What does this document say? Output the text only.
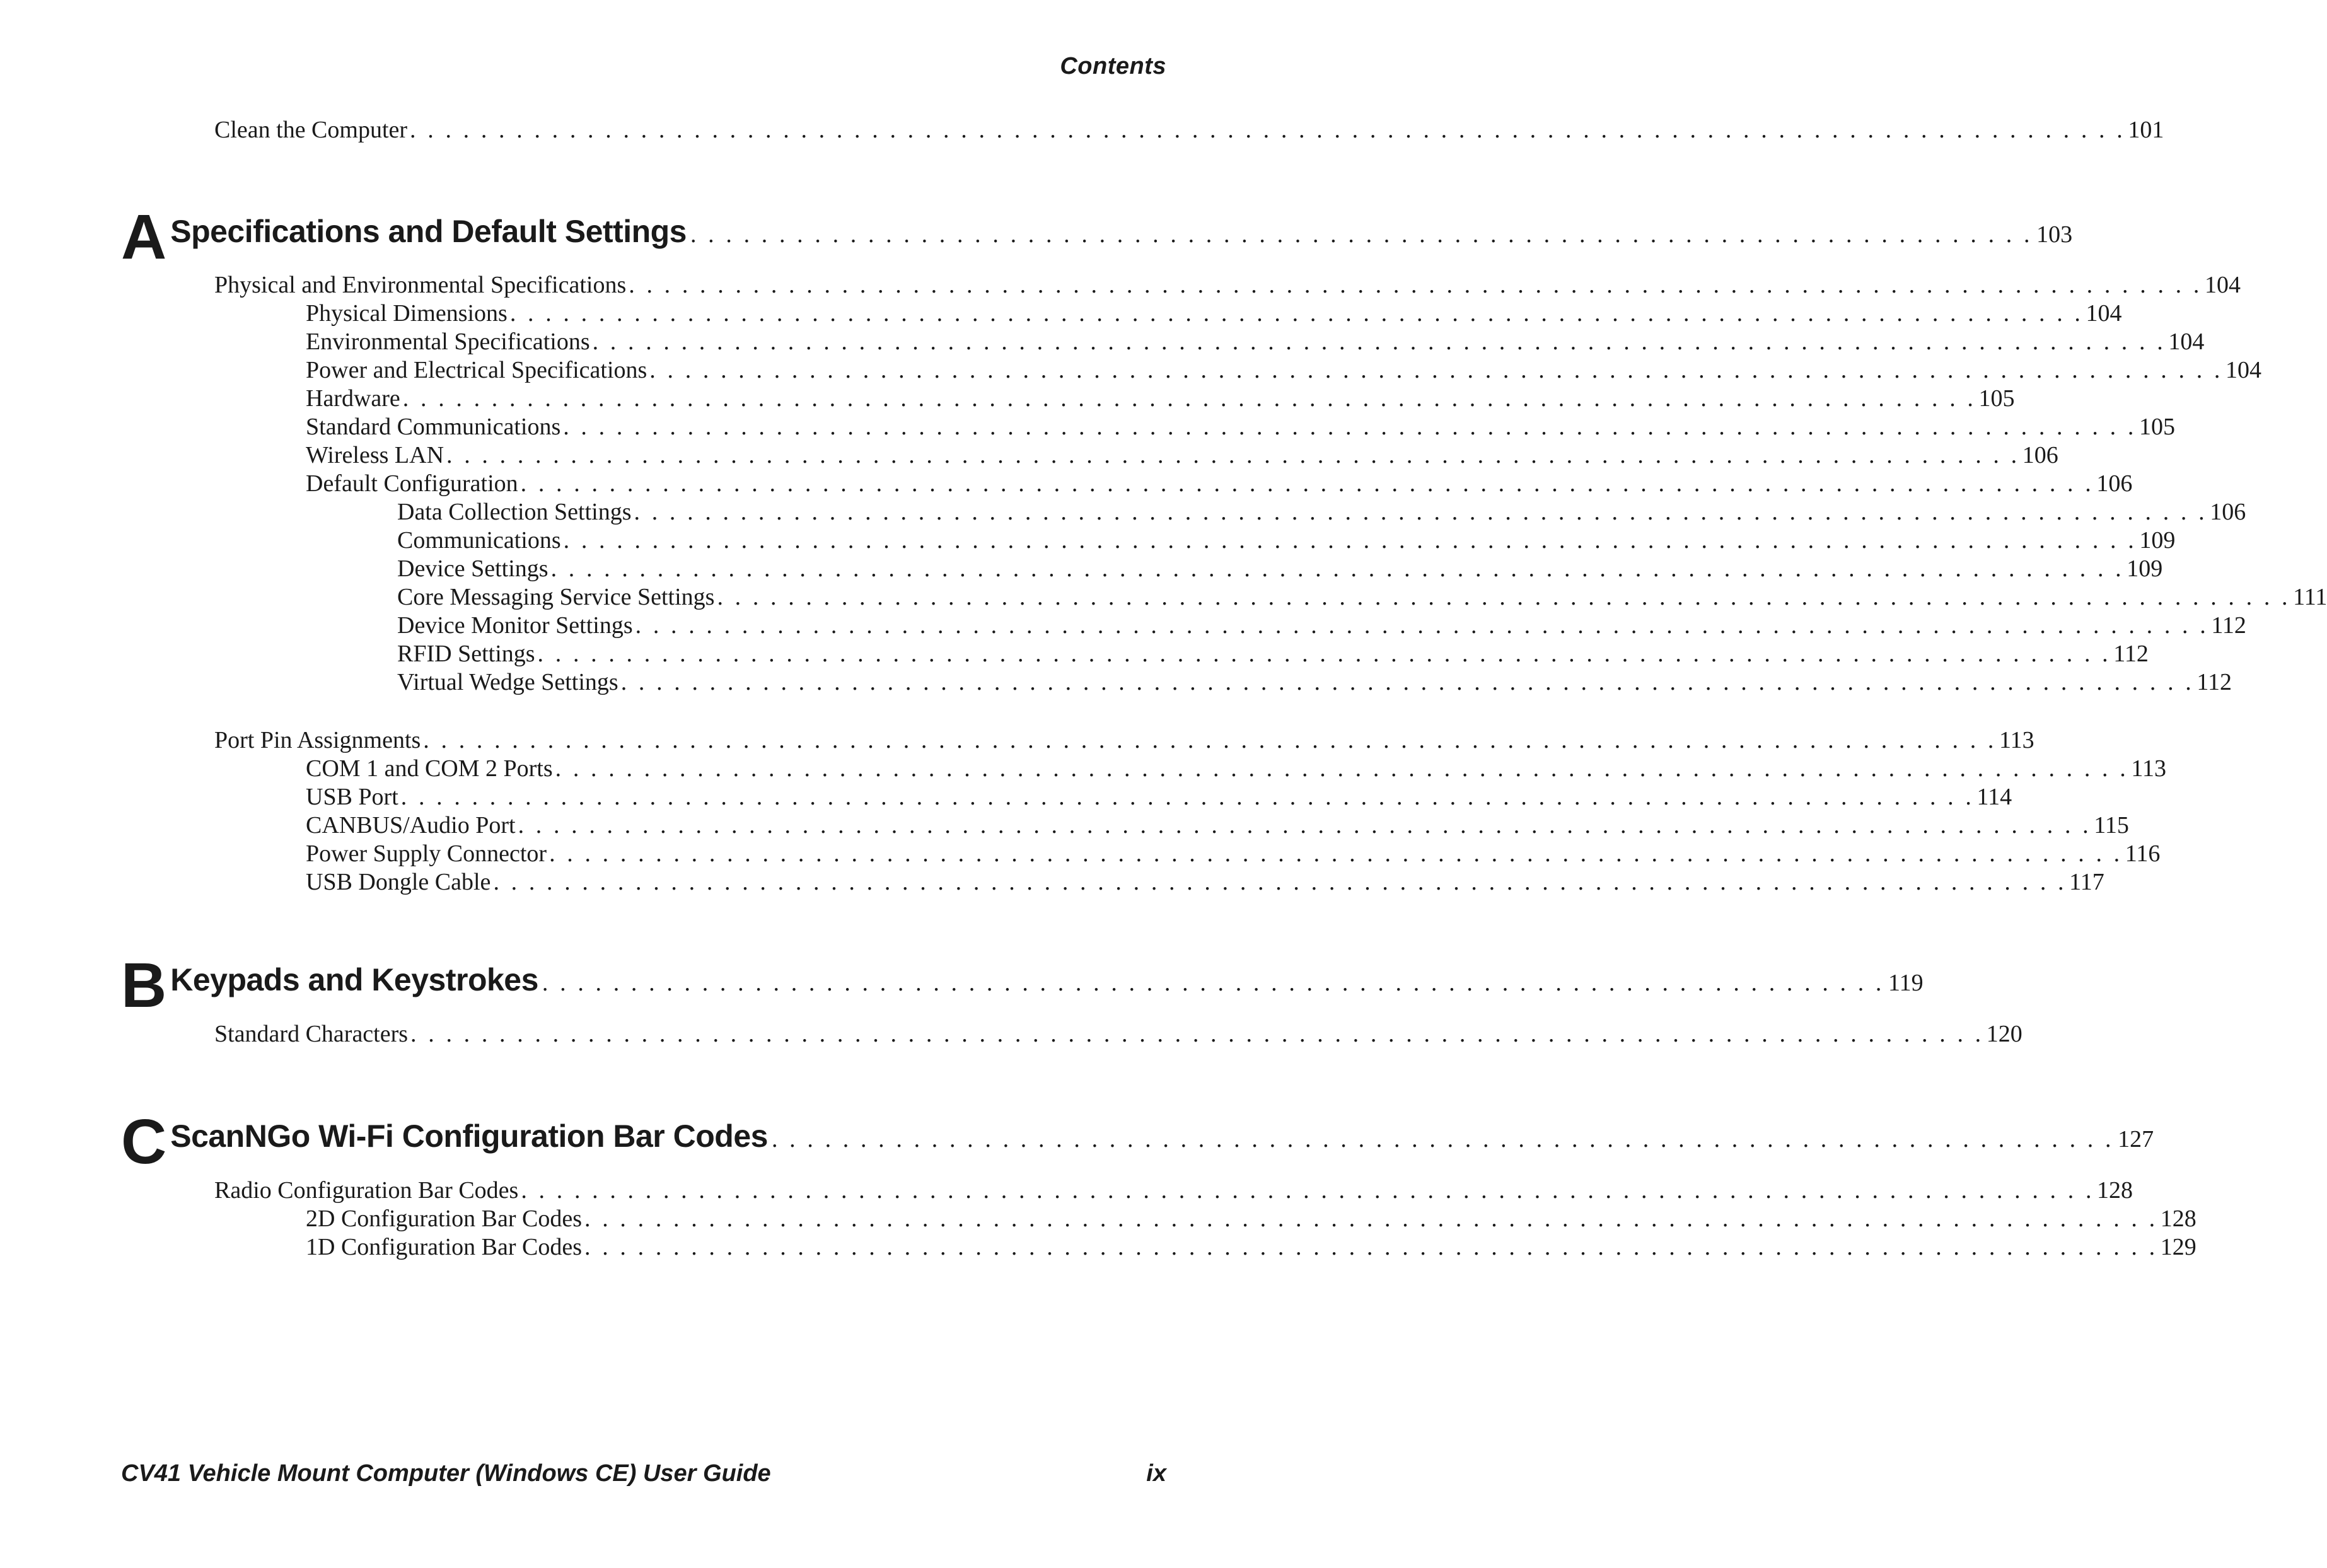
Contents
Clean the Computer . . . . . . . . . . . . . . . . . . . . . . . . . . . . . . . . . . . . . . . . . . . . . . . . . . . . . . . . . . . . . . . . . . . . . . . . . . . . . . . . . . . . . . . . . . . . . . . . . 101
A Specifications and Default Settings . . . . . . . . . . . . . . . . . . . . . . . . . . . . . . . . . . . . . . . . . . . . . . . . . . . . . . . . . . . . . . . . . . . . . . . . . . . . 103
Physical and Environmental Specifications . . . . . . . . . . . . . . . . . . . . . . . . . . . . . . . . . . . . . . . . . . . . . . . . . . . . . . . . . . . . . . . . . . . . . . . . . . . . . . . . . . . . . . . . . 104
Physical Dimensions . . . . . . . . . . . . . . . . . . . . . . . . . . . . . . . . . . . . . . . . . . . . . . . . . . . . . . . . . . . . . . . . . . . . . . . . . . . . . . . . . . . . . . . . . 104
Environmental Specifications . . . . . . . . . . . . . . . . . . . . . . . . . . . . . . . . . . . . . . . . . . . . . . . . . . . . . . . . . . . . . . . . . . . . . . . . . . . . . . . . . . . . . . . . . 104
Power and Electrical Specifications . . . . . . . . . . . . . . . . . . . . . . . . . . . . . . . . . . . . . . . . . . . . . . . . . . . . . . . . . . . . . . . . . . . . . . . . . . . . . . . . . . . . . . . . . 104
Hardware . . . . . . . . . . . . . . . . . . . . . . . . . . . . . . . . . . . . . . . . . . . . . . . . . . . . . . . . . . . . . . . . . . . . . . . . . . . . . . . . . . . . . . . . . 105
Standard Communications . . . . . . . . . . . . . . . . . . . . . . . . . . . . . . . . . . . . . . . . . . . . . . . . . . . . . . . . . . . . . . . . . . . . . . . . . . . . . . . . . . . . . . . . . 105
Wireless LAN . . . . . . . . . . . . . . . . . . . . . . . . . . . . . . . . . . . . . . . . . . . . . . . . . . . . . . . . . . . . . . . . . . . . . . . . . . . . . . . . . . . . . . . . . 106
Default Configuration . . . . . . . . . . . . . . . . . . . . . . . . . . . . . . . . . . . . . . . . . . . . . . . . . . . . . . . . . . . . . . . . . . . . . . . . . . . . . . . . . . . . . . . . . 106
Data Collection Settings . . . . . . . . . . . . . . . . . . . . . . . . . . . . . . . . . . . . . . . . . . . . . . . . . . . . . . . . . . . . . . . . . . . . . . . . . . . . . . . . . . . . . . . . . 106
Communications . . . . . . . . . . . . . . . . . . . . . . . . . . . . . . . . . . . . . . . . . . . . . . . . . . . . . . . . . . . . . . . . . . . . . . . . . . . . . . . . . . . . . . . . . 109
Device Settings . . . . . . . . . . . . . . . . . . . . . . . . . . . . . . . . . . . . . . . . . . . . . . . . . . . . . . . . . . . . . . . . . . . . . . . . . . . . . . . . . . . . . . . . . 109
Core Messaging Service Settings . . . . . . . . . . . . . . . . . . . . . . . . . . . . . . . . . . . . . . . . . . . . . . . . . . . . . . . . . . . . . . . . . . . . . . . . . . . . . . . . . . . . . . . . . 111
Device Monitor Settings . . . . . . . . . . . . . . . . . . . . . . . . . . . . . . . . . . . . . . . . . . . . . . . . . . . . . . . . . . . . . . . . . . . . . . . . . . . . . . . . . . . . . . . . . 112
RFID Settings . . . . . . . . . . . . . . . . . . . . . . . . . . . . . . . . . . . . . . . . . . . . . . . . . . . . . . . . . . . . . . . . . . . . . . . . . . . . . . . . . . . . . . . . . 112
Virtual Wedge Settings . . . . . . . . . . . . . . . . . . . . . . . . . . . . . . . . . . . . . . . . . . . . . . . . . . . . . . . . . . . . . . . . . . . . . . . . . . . . . . . . . . . . . . . . . 112
Port Pin Assignments . . . . . . . . . . . . . . . . . . . . . . . . . . . . . . . . . . . . . . . . . . . . . . . . . . . . . . . . . . . . . . . . . . . . . . . . . . . . . . . . . . . . . . . . . 113
COM 1 and COM 2 Ports . . . . . . . . . . . . . . . . . . . . . . . . . . . . . . . . . . . . . . . . . . . . . . . . . . . . . . . . . . . . . . . . . . . . . . . . . . . . . . . . . . . . . . . . . 113
USB Port . . . . . . . . . . . . . . . . . . . . . . . . . . . . . . . . . . . . . . . . . . . . . . . . . . . . . . . . . . . . . . . . . . . . . . . . . . . . . . . . . . . . . . . . . 114
CANBUS/Audio Port . . . . . . . . . . . . . . . . . . . . . . . . . . . . . . . . . . . . . . . . . . . . . . . . . . . . . . . . . . . . . . . . . . . . . . . . . . . . . . . . . . . . . . . . . 115
Power Supply Connector . . . . . . . . . . . . . . . . . . . . . . . . . . . . . . . . . . . . . . . . . . . . . . . . . . . . . . . . . . . . . . . . . . . . . . . . . . . . . . . . . . . . . . . . . 116
USB Dongle Cable . . . . . . . . . . . . . . . . . . . . . . . . . . . . . . . . . . . . . . . . . . . . . . . . . . . . . . . . . . . . . . . . . . . . . . . . . . . . . . . . . . . . . . . . . 117
B Keypads and Keystrokes . . . . . . . . . . . . . . . . . . . . . . . . . . . . . . . . . . . . . . . . . . . . . . . . . . . . . . . . . . . . . . . . . . . . . . . . . . . . 119
Standard Characters . . . . . . . . . . . . . . . . . . . . . . . . . . . . . . . . . . . . . . . . . . . . . . . . . . . . . . . . . . . . . . . . . . . . . . . . . . . . . . . . . . . . . . . . . 120
C ScanNGo Wi-Fi Configuration Bar Codes . . . . . . . . . . . . . . . . . . . . . . . . . . . . . . . . . . . . . . . . . . . . . . . . . . . . . . . . . . . . . . . . . . . . . . . . . . . . 127
Radio Configuration Bar Codes . . . . . . . . . . . . . . . . . . . . . . . . . . . . . . . . . . . . . . . . . . . . . . . . . . . . . . . . . . . . . . . . . . . . . . . . . . . . . . . . . . . . . . . . . 128
2D Configuration Bar Codes . . . . . . . . . . . . . . . . . . . . . . . . . . . . . . . . . . . . . . . . . . . . . . . . . . . . . . . . . . . . . . . . . . . . . . . . . . . . . . . . . . . . . . . . . 128
1D Configuration Bar Codes . . . . . . . . . . . . . . . . . . . . . . . . . . . . . . . . . . . . . . . . . . . . . . . . . . . . . . . . . . . . . . . . . . . . . . . . . . . . . . . . . . . . . . . . . 129
CV41 Vehicle Mount Computer (Windows CE) User Guide	ix
